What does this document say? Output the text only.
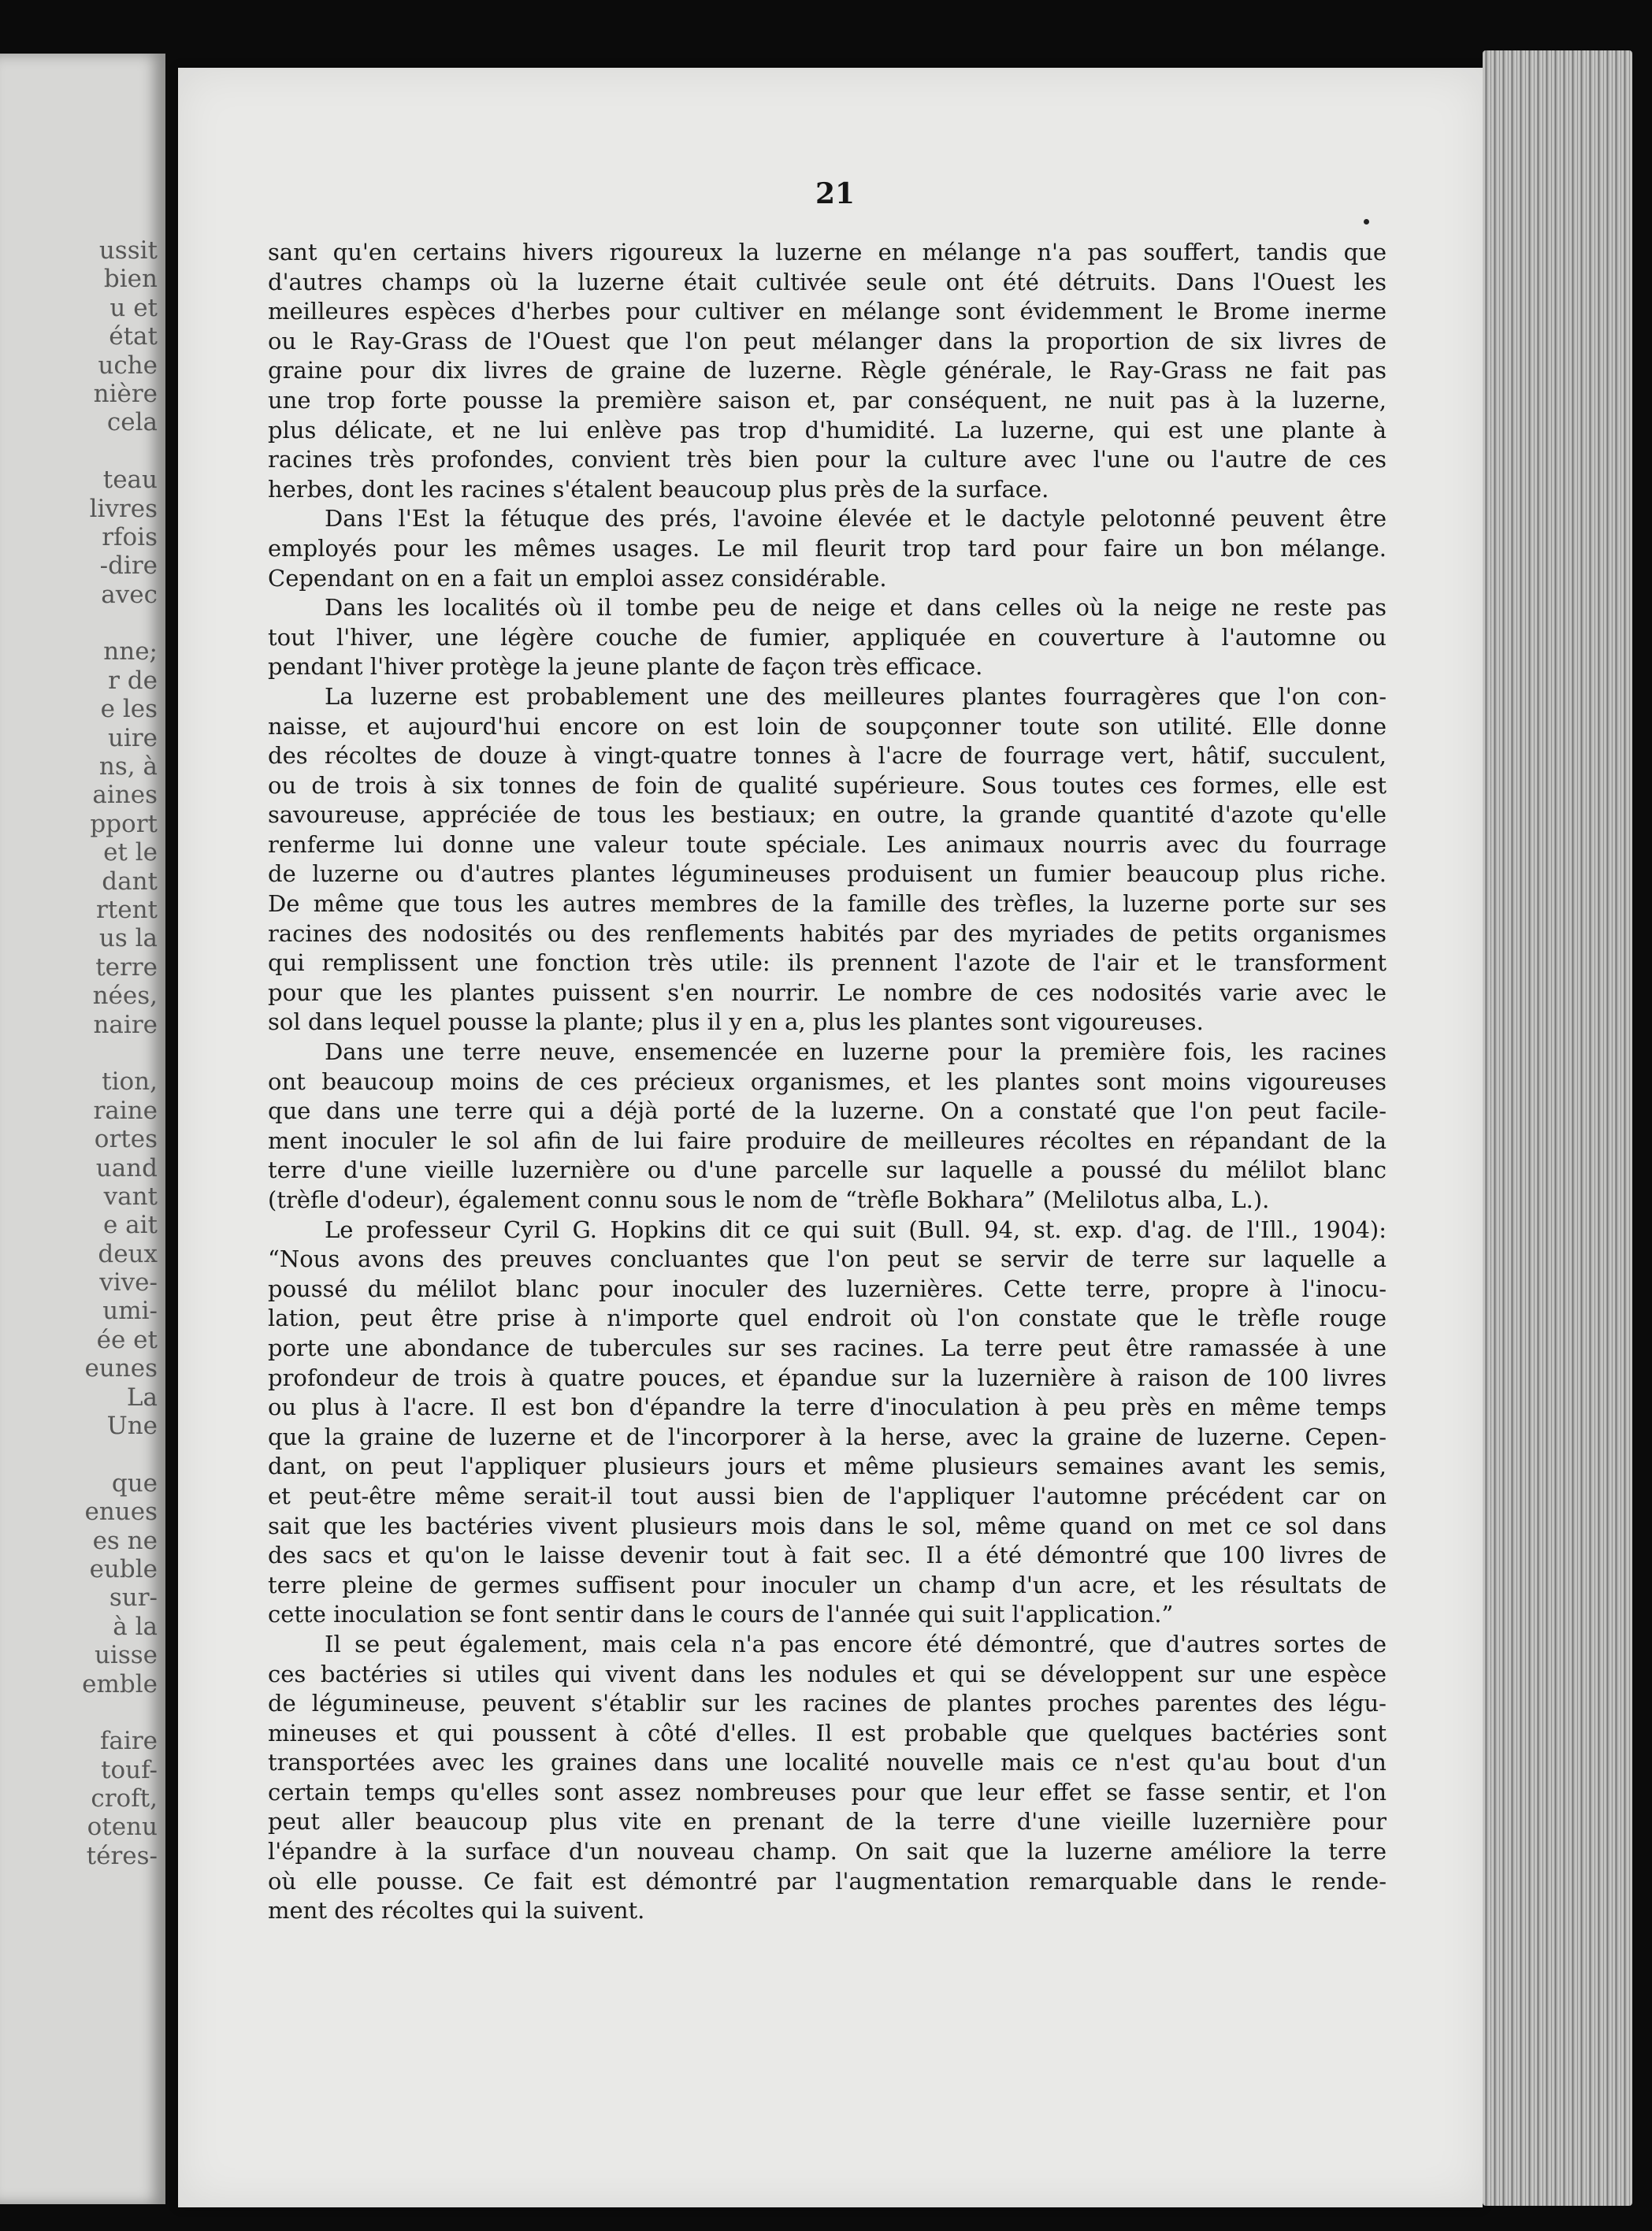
ussit
bien
u et
état
uche
nière
cela

teau
livres
rfois
-dire
avec

nne;
r de
e les
uire
ns, à
aines
pport
et le
dant
rtent
us la
terre
nées,
naire

tion,
raine
ortes
uand
vant
e ait
deux
vive-
umi-
ée et
eunes
La
Une

que
enues
es ne
euble
sur-
à la
uisse
emble

faire
touf-
croft,
otenu
téres-
21
sant qu'en certains hivers rigoureux la luzerne en mélange n'a pas souffert, tandis que
d'autres champs où la luzerne était cultivée seule ont été détruits. Dans l'Ouest les
meilleures espèces d'herbes pour cultiver en mélange sont évidemment le Brome inerme
ou le Ray-Grass de l'Ouest que l'on peut mélanger dans la proportion de six livres de
graine pour dix livres de graine de luzerne. Règle générale, le Ray-Grass ne fait pas
une trop forte pousse la première saison et, par conséquent, ne nuit pas à la luzerne,
plus délicate, et ne lui enlève pas trop d'humidité. La luzerne, qui est une plante à
racines très profondes, convient très bien pour la culture avec l'une ou l'autre de ces
herbes, dont les racines s'étalent beaucoup plus près de la surface.
Dans l'Est la fétuque des prés, l'avoine élevée et le dactyle pelotonné peuvent être
employés pour les mêmes usages. Le mil fleurit trop tard pour faire un bon mélange.
Cependant on en a fait un emploi assez considérable.
Dans les localités où il tombe peu de neige et dans celles où la neige ne reste pas
tout l'hiver, une légère couche de fumier, appliquée en couverture à l'automne ou
pendant l'hiver protège la jeune plante de façon très efficace.
La luzerne est probablement une des meilleures plantes fourragères que l'on con-
naisse, et aujourd'hui encore on est loin de soupçonner toute son utilité. Elle donne
des récoltes de douze à vingt-quatre tonnes à l'acre de fourrage vert, hâtif, succulent,
ou de trois à six tonnes de foin de qualité supérieure. Sous toutes ces formes, elle est
savoureuse, appréciée de tous les bestiaux; en outre, la grande quantité d'azote qu'elle
renferme lui donne une valeur toute spéciale. Les animaux nourris avec du fourrage
de luzerne ou d'autres plantes légumineuses produisent un fumier beaucoup plus riche.
De même que tous les autres membres de la famille des trèfles, la luzerne porte sur ses
racines des nodosités ou des renflements habités par des myriades de petits organismes
qui remplissent une fonction très utile: ils prennent l'azote de l'air et le transforment
pour que les plantes puissent s'en nourrir. Le nombre de ces nodosités varie avec le
sol dans lequel pousse la plante; plus il y en a, plus les plantes sont vigoureuses.
Dans une terre neuve, ensemencée en luzerne pour la première fois, les racines
ont beaucoup moins de ces précieux organismes, et les plantes sont moins vigoureuses
que dans une terre qui a déjà porté de la luzerne. On a constaté que l'on peut facile-
ment inoculer le sol afin de lui faire produire de meilleures récoltes en répandant de la
terre d'une vieille luzernière ou d'une parcelle sur laquelle a poussé du mélilot blanc
(trèfle d'odeur), également connu sous le nom de “trèfle Bokhara” (Melilotus alba, L.).
Le professeur Cyril G. Hopkins dit ce qui suit (Bull. 94, st. exp. d'ag. de l'Ill., 1904):
“Nous avons des preuves concluantes que l'on peut se servir de terre sur laquelle a
poussé du mélilot blanc pour inoculer des luzernières. Cette terre, propre à l'inocu-
lation, peut être prise à n'importe quel endroit où l'on constate que le trèfle rouge
porte une abondance de tubercules sur ses racines. La terre peut être ramassée à une
profondeur de trois à quatre pouces, et épandue sur la luzernière à raison de 100 livres
ou plus à l'acre. Il est bon d'épandre la terre d'inoculation à peu près en même temps
que la graine de luzerne et de l'incorporer à la herse, avec la graine de luzerne. Cepen-
dant, on peut l'appliquer plusieurs jours et même plusieurs semaines avant les semis,
et peut-être même serait-il tout aussi bien de l'appliquer l'automne précédent car on
sait que les bactéries vivent plusieurs mois dans le sol, même quand on met ce sol dans
des sacs et qu'on le laisse devenir tout à fait sec. Il a été démontré que 100 livres de
terre pleine de germes suffisent pour inoculer un champ d'un acre, et les résultats de
cette inoculation se font sentir dans le cours de l'année qui suit l'application.”
Il se peut également, mais cela n'a pas encore été démontré, que d'autres sortes de
ces bactéries si utiles qui vivent dans les nodules et qui se développent sur une espèce
de légumineuse, peuvent s'établir sur les racines de plantes proches parentes des légu-
mineuses et qui poussent à côté d'elles. Il est probable que quelques bactéries sont
transportées avec les graines dans une localité nouvelle mais ce n'est qu'au bout d'un
certain temps qu'elles sont assez nombreuses pour que leur effet se fasse sentir, et l'on
peut aller beaucoup plus vite en prenant de la terre d'une vieille luzernière pour
l'épandre à la surface d'un nouveau champ. On sait que la luzerne améliore la terre
où elle pousse. Ce fait est démontré par l'augmentation remarquable dans le rende-
ment des récoltes qui la suivent.
